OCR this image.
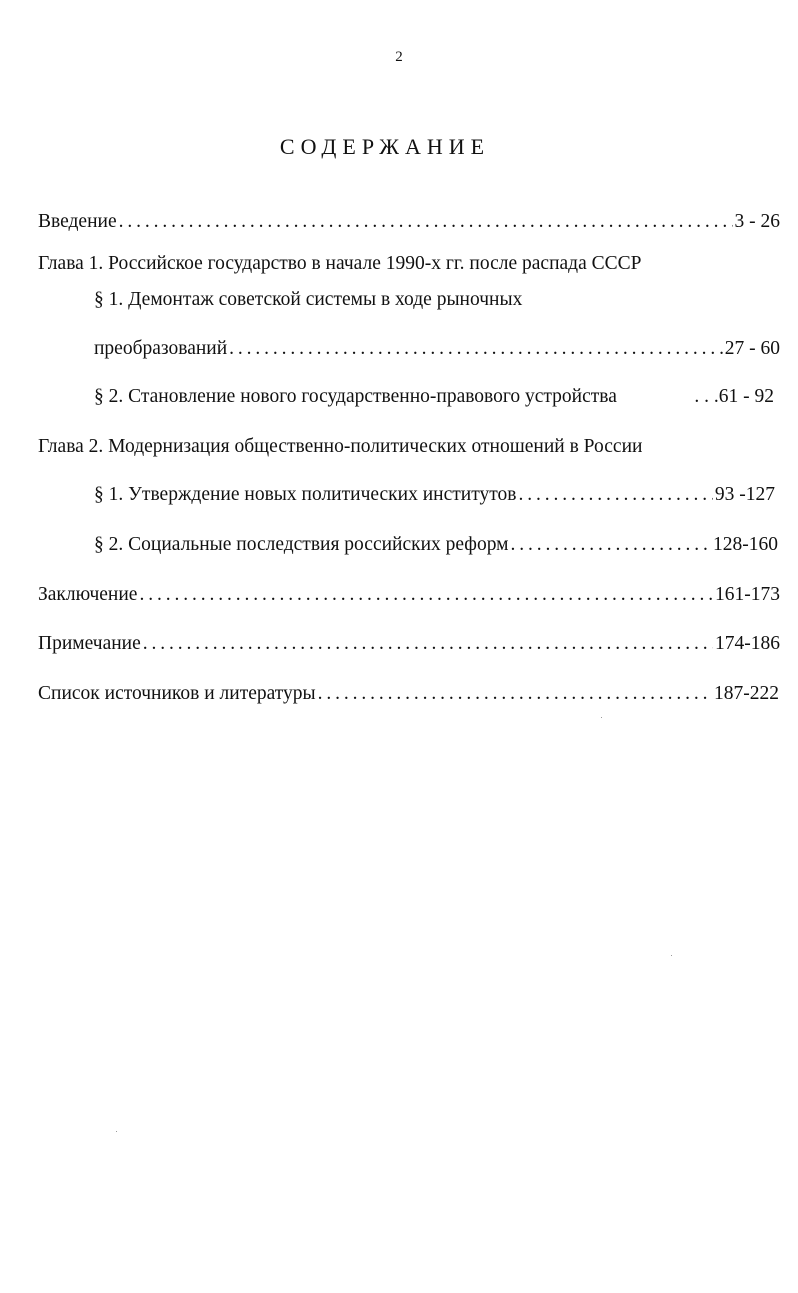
2
СОДЕРЖАНИЕ
Введение . . .	3 - 26
Глава 1. Российское государство в начале 1990-х гг. после распада СССР
§ 1. Демонтаж советской системы в ходе рыночных
преобразований . . .	27 - 60
§ 2. Становление нового государственно-правового устройства	. . .61 - 92
Глава 2. Модернизация общественно-политических отношений в России
§ 1. Утверждение новых политических институтов . . .	93 -127
§ 2. Социальные последствия российских реформ . . .	128-160
Заключение . . .	161-173
Примечание . . .	174-186
Список источников и литературы . . .	187-222
